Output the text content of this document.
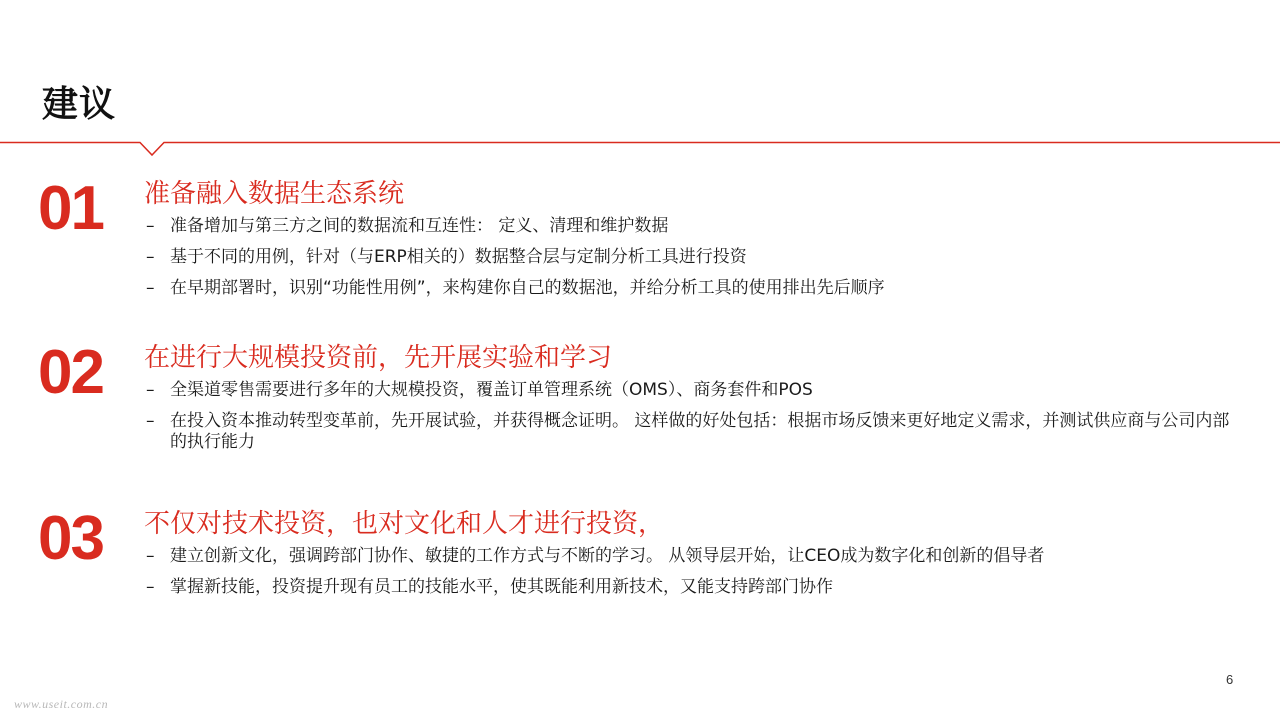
建议
01 准备融入数据生态系统
– 准备增加与第三方之间的数据流和互连性： 定义、清理和维护数据
– 基于不同的用例，针对（与ERP相关的）数据整合层与定制分析工具进行投资
– 在早期部署时，识别“功能性用例”，来构建你自己的数据池，并给分析工具的使用排出先后顺序
02 在进行大规模投资前，先开展实验和学习
– 全渠道零售需要进行多年的大规模投资，覆盖订单管理系统（OMS）、商务套件和POS
– 在投入资本推动转型变革前，先开展试验，并获得概念证明。 这样做的好处包括：根据市场反馈来更好地定义需求，并测试供应商与公司内部的执行能力
03 不仅对技术投资，也对文化和人才进行投资，
– 建立创新文化，强调跨部门协作、敏捷的工作方式与不断的学习。 从领导层开始，让CEO成为数字化和创新的倡导者
– 掌握新技能，投资提升现有员工的技能水平，使其既能利用新技术，又能支持跨部门协作
6
www.useit.com.cn
